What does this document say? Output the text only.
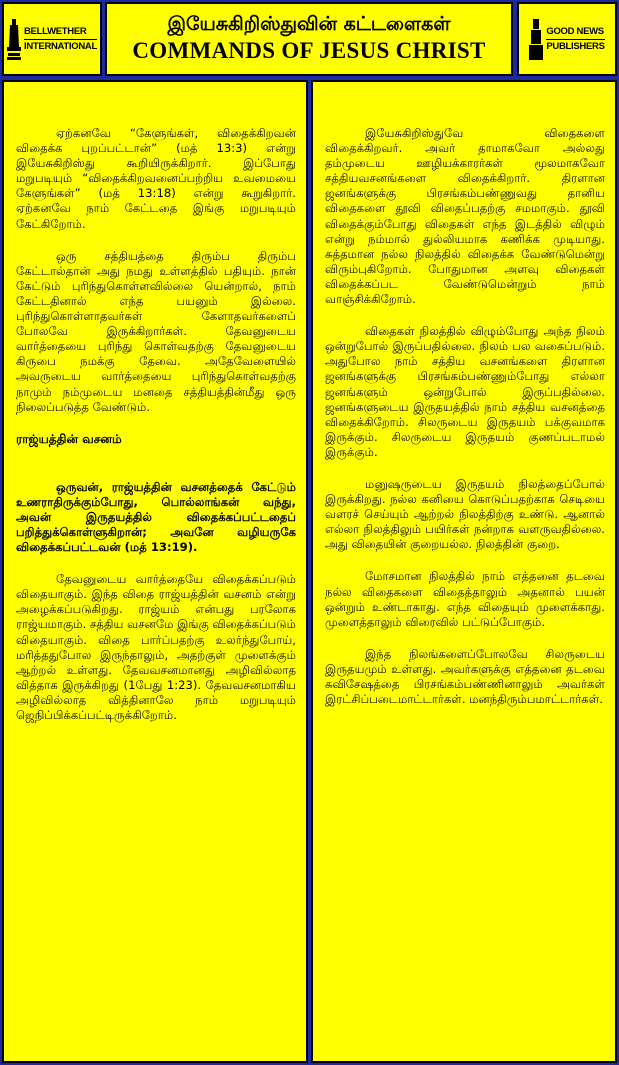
BELLWETHER
INTERNATIONAL
இயேசுகிறிஸ்துவின் கட்டளைகள்
COMMANDS OF JESUS CHRIST
GOOD NEWS
PUBLISHERS

ஏற்கனவே “கேளுங்கள், விதைக்கிறவன் விதைக்க புறப்பட்டான்” (மத் 13:3) என்று இயேசுகிறிஸ்து கூறியிருக்கிறார். இப்போது மறுபடியும் “விதைக்கிறவனைப்பற்றிய உவமையை கேளுங்கள்” (மத் 13:18) என்று கூறுகிறார். ஏற்கனவே நாம் கேட்டதை இங்கு மறுபடியும் கேட்கிறோம்.

ஒரு சத்தியத்தை திரும்ப திரும்ப கேட்டால்தான் அது நமது உள்ளத்தில் பதியும். நான் கேட்டும் புரிந்துகொள்ளவில்லை யென்றால், நாம் கேட்டதினால் எந்த பயனும் இல்லை. புரிந்துகொள்ளாதவர்கள் கேளாதவர்களைப் போலவே இருக்கிறார்கள். தேவனுடைய வார்த்தையை புரிந்து கொள்வதற்கு தேவனுடைய கிருபை நமக்கு தேவை. அதேவேளையில் அவருடைய வார்த்தையை புரிந்துகொள்வதற்கு நாமும் நம்முடைய மனதை சத்தியத்தின்மீது ஒரு நிலைப்படுத்த வேண்டும்.

ராஜ்யத்தின் வசனம்

ஒருவன், ராஜ்யத்தின் வசனத்தைக் கேட்டும் உணராதிருக்கும்போது, பொல்லாங்கன் வந்து, அவன் இருதயத்தில் விதைக்கப்பட்டதைப் பறித்துக்கொள்ளுகிறான்; அவனே வழியருகே விதைக்கப்பட்டவன் (மத் 13:19).

தேவனுடைய வார்த்தையே விதைக்கப்படும் விதையாகும். இந்த விதை ராஜ்யத்தின் வசனம் என்று அழைக்கப்படுகிறது. ராஜ்யம் என்பது பரலோக ராஜ்யமாகும். சத்திய வசனமே இங்கு விதைக்கப்படும் விதையாகும். விதை பார்ப்பதற்கு உலர்ந்துபோய், மரித்ததுபோல இருந்தாலும், அதற்குள் முளைக்கும் ஆற்றல் உள்ளது. தேவவசனமானது அழிவில்லாத வித்தாக இருக்கிறது (1பேது 1:23). தேவவசனமாகிய அழிவில்லாத வித்தினாலே நாம் மறுபடியும் ஜெநிப்பிக்கப்பட்டிருக்கிறோம்.

இயேசுகிறிஸ்துவே விதைகளை விதைக்கிறவர். அவர் தாமாகவோ அல்லது தம்முடைய ஊழியக்காரர்கள் மூலமாகவோ சத்தியவசனங்களை விதைக்கிறார். திரளான ஜனங்களுக்கு பிரசங்கம்பண்ணுவது தானிய விதைகளை தூவி விதைப்பதற்கு சமமாகும். தூவி விதைக்கும்போது விதைகள் எந்த இடத்தில் விழும் என்று நம்மால் துல்லியமாக கணிக்க முடியாது. சுத்தமான நல்ல நிலத்தில் விதைக்க வேண்டுமென்று விரும்புகிறோம். போதுமான அளவு விதைகள் விதைக்கப்பட வேண்டுமென்றும் நாம் வாஞ்சிக்கிறோம்.

விதைகள் நிலத்தில் விழும்போது அந்த நிலம் ஒன்றுபோல் இருப்பதில்லை. நிலம் பல வகைப்படும். அதுபோல நாம் சத்திய வசனங்களை திரளான ஜனங்களுக்கு பிரசங்கம்பண்ணும்போது எல்லா ஜனங்களும் ஒன்றுபோல் இருப்பதில்லை. ஜனங்களுடைய இருதயத்தில் நாம் சத்திய வசனத்தை விதைக்கிறோம். சிலருடைய இருதயம் பக்குவமாக இருக்கும். சிலருடைய இருதயம் குணப்படாமல் இருக்கும்.

மனுஷருடைய இருதயம் நிலத்தைப்போல் இருக்கிறது. நல்ல கனியை கொடுப்பதற்காக செடியை வளரச் செய்யும் ஆற்றல் நிலத்திற்கு உண்டு. ஆனால் எல்லா நிலத்திலும் பயிர்கள் நன்றாக வளருவதில்லை. அது விதையின் குறையல்ல. நிலத்தின் குறை.

மோசமான நிலத்தில் நாம் எத்தனை தடவை நல்ல விதைகளை விதைத்தாலும் அதனால் பயன் ஒன்றும் உண்டாகாது. எந்த விதையும் முளைக்காது. முளைத்தாலும் விரைவில் பட்டுப்போகும்.

இந்த நிலங்களைப்போலவே சிலருடைய இருதயமும் உள்ளது. அவர்களுக்கு எத்தனை தடவை சுவிசேஷத்தை பிரசங்கம்பண்ணினாலும் அவர்கள் இரட்சிப்படைமாட்டார்கள். மனந்திரும்பமாட்டார்கள்.
